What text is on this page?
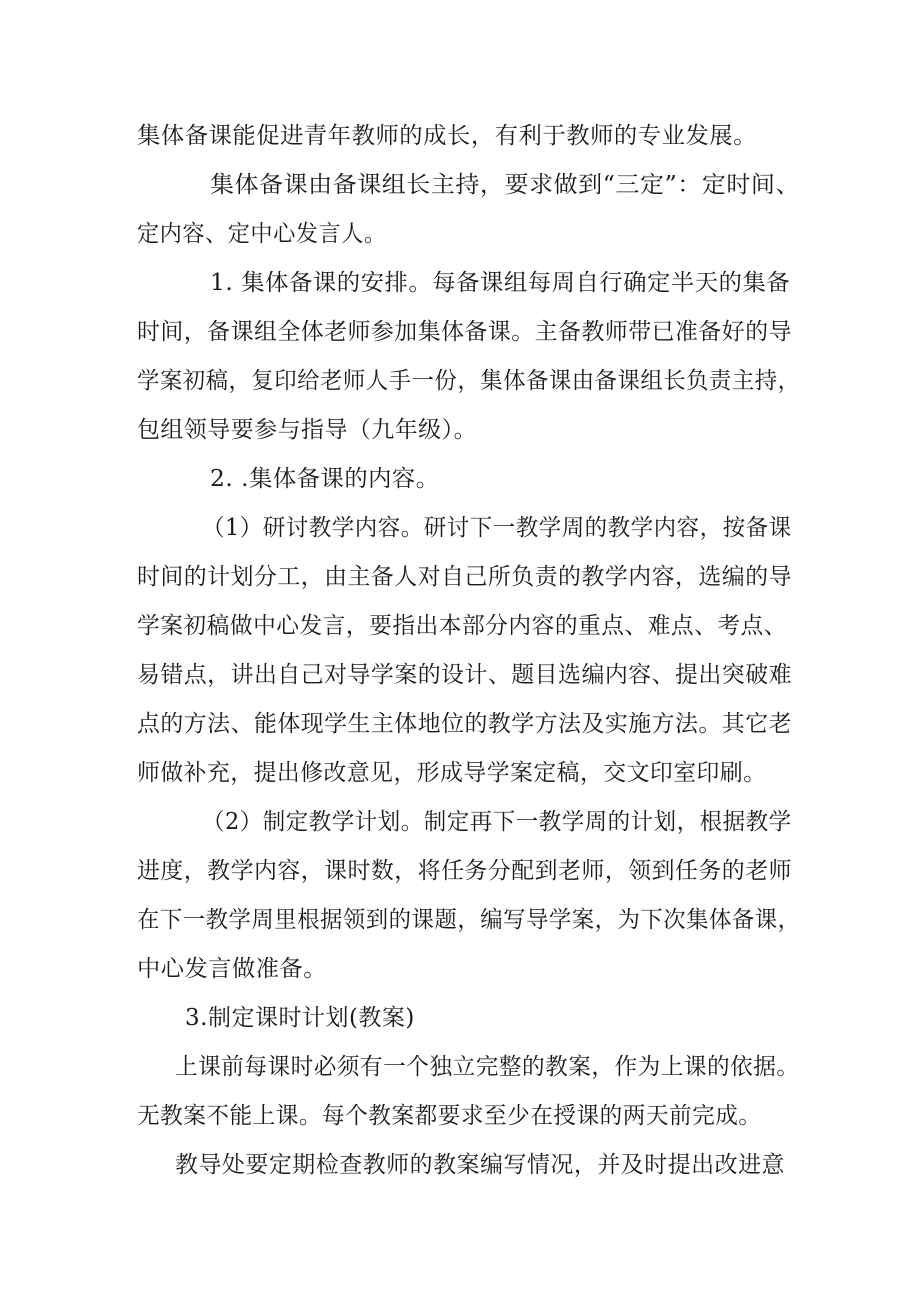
集体备课能促进青年教师的成长，有利于教师的专业发展。
集体备课由备课组长主持，要求做到“三定”：定时间、
定内容、定中心发言人。
1. 集体备课的安排。每备课组每周自行确定半天的集备
时间，备课组全体老师参加集体备课。主备教师带已准备好的导
学案初稿，复印给老师人手一份，集体备课由备课组长负责主持，
包组领导要参与指导（九年级）。
2. .集体备课的内容。
（1）研讨教学内容。研讨下一教学周的教学内容，按备课
时间的计划分工，由主备人对自己所负责的教学内容，选编的导
学案初稿做中心发言，要指出本部分内容的重点、难点、考点、
易错点，讲出自己对导学案的设计、题目选编内容、提出突破难
点的方法、能体现学生主体地位的教学方法及实施方法。其它老
师做补充，提出修改意见，形成导学案定稿，交文印室印刷。
（2）制定教学计划。制定再下一教学周的计划，根据教学
进度，教学内容，课时数，将任务分配到老师，领到任务的老师
在下一教学周里根据领到的课题，编写导学案，为下次集体备课，
中心发言做准备。
3.制定课时计划(教案)
上课前每课时必须有一个独立完整的教案，作为上课的依据。
无教案不能上课。每个教案都要求至少在授课的两天前完成。
教导处要定期检查教师的教案编写情况，并及时提出改进意
